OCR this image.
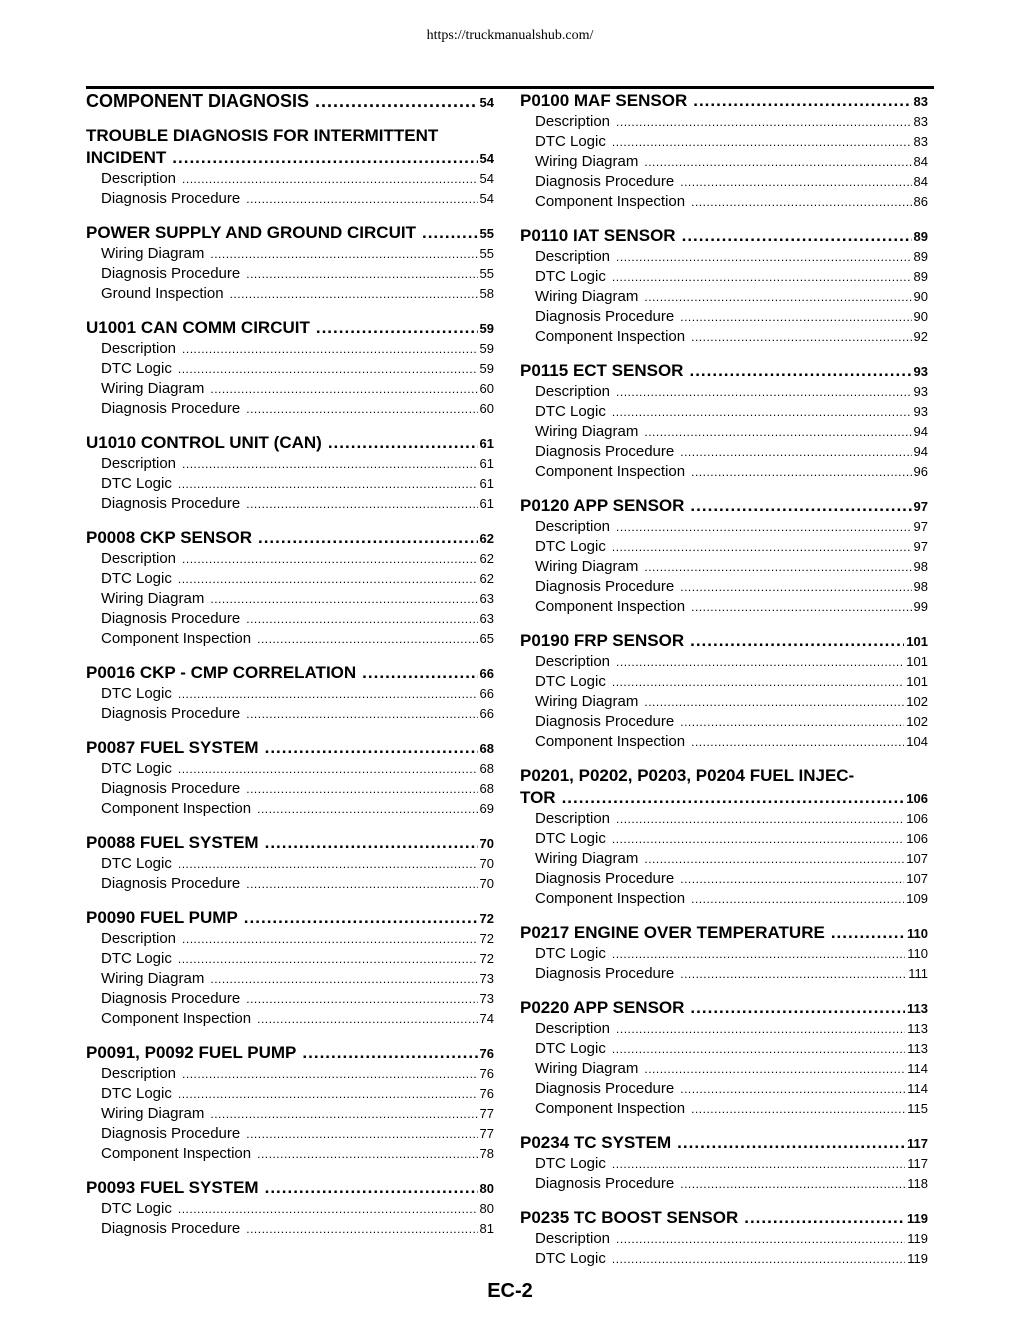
https://truckmanualshub.com/
COMPONENT DIAGNOSIS .....	54
TROUBLE DIAGNOSIS FOR INTERMITTENT
INCIDENT .....	54
Description .....	54
Diagnosis Procedure .....	54
POWER SUPPLY AND GROUND CIRCUIT .....	55
Wiring Diagram .....	55
Diagnosis Procedure .....	55
Ground Inspection .....	58
U1001 CAN COMM CIRCUIT .....	59
Description .....	59
DTC Logic .....	59
Wiring Diagram .....	60
Diagnosis Procedure .....	60
U1010 CONTROL UNIT (CAN) .....	61
Description .....	61
DTC Logic .....	61
Diagnosis Procedure .....	61
P0008 CKP SENSOR .....	62
Description .....	62
DTC Logic .....	62
Wiring Diagram .....	63
Diagnosis Procedure .....	63
Component Inspection .....	65
P0016 CKP - CMP CORRELATION .....	66
DTC Logic .....	66
Diagnosis Procedure .....	66
P0087 FUEL SYSTEM .....	68
DTC Logic .....	68
Diagnosis Procedure .....	68
Component Inspection .....	69
P0088 FUEL SYSTEM .....	70
DTC Logic .....	70
Diagnosis Procedure .....	70
P0090 FUEL PUMP .....	72
Description .....	72
DTC Logic .....	72
Wiring Diagram .....	73
Diagnosis Procedure .....	73
Component Inspection .....	74
P0091, P0092 FUEL PUMP .....	76
Description .....	76
DTC Logic .....	76
Wiring Diagram .....	77
Diagnosis Procedure .....	77
Component Inspection .....	78
P0093 FUEL SYSTEM .....	80
DTC Logic .....	80
Diagnosis Procedure .....	81
P0100 MAF SENSOR .....	83
Description .....	83
DTC Logic .....	83
Wiring Diagram .....	84
Diagnosis Procedure .....	84
Component Inspection .....	86
P0110 IAT SENSOR .....	89
Description .....	89
DTC Logic .....	89
Wiring Diagram .....	90
Diagnosis Procedure .....	90
Component Inspection .....	92
P0115 ECT SENSOR .....	93
Description .....	93
DTC Logic .....	93
Wiring Diagram .....	94
Diagnosis Procedure .....	94
Component Inspection .....	96
P0120 APP SENSOR .....	97
Description .....	97
DTC Logic .....	97
Wiring Diagram .....	98
Diagnosis Procedure .....	98
Component Inspection .....	99
P0190 FRP SENSOR .....	101
Description .....	101
DTC Logic .....	101
Wiring Diagram .....	102
Diagnosis Procedure .....	102
Component Inspection .....	104
P0201, P0202, P0203, P0204 FUEL INJEC-
TOR .....	106
Description .....	106
DTC Logic .....	106
Wiring Diagram .....	107
Diagnosis Procedure .....	107
Component Inspection .....	109
P0217 ENGINE OVER TEMPERATURE .....	110
DTC Logic .....	110
Diagnosis Procedure .....	111
P0220 APP SENSOR .....	113
Description .....	113
DTC Logic .....	113
Wiring Diagram .....	114
Diagnosis Procedure .....	114
Component Inspection .....	115
P0234 TC SYSTEM .....	117
DTC Logic .....	117
Diagnosis Procedure .....	118
P0235 TC BOOST SENSOR .....	119
Description .....	119
DTC Logic .....	119
EC-2
